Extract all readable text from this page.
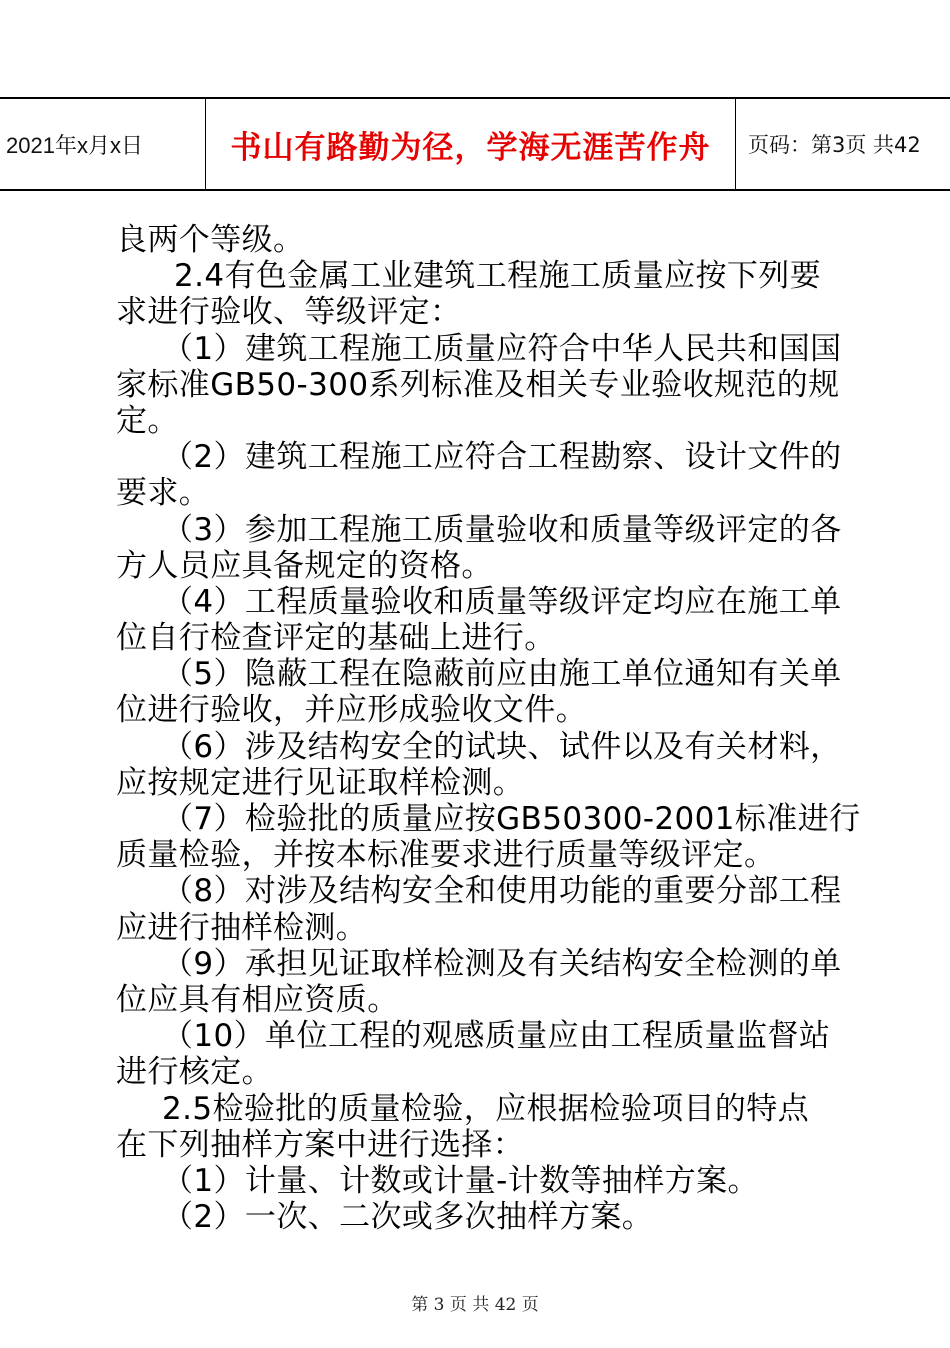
2021年x月x日	书山有路勤为径，学海无涯苦作舟	页码：第3页 共42
良两个等级。
2.4有色金属工业建筑工程施工质量应按下列要
求进行验收、等级评定：
（1）建筑工程施工质量应符合中华人民共和国国
家标准GB50-300系列标准及相关专业验收规范的规
定。
（2）建筑工程施工应符合工程勘察、设计文件的
要求。
（3）参加工程施工质量验收和质量等级评定的各
方人员应具备规定的资格。
（4）工程质量验收和质量等级评定均应在施工单
位自行检查评定的基础上进行。
（5）隐蔽工程在隐蔽前应由施工单位通知有关单
位进行验收，并应形成验收文件。
（6）涉及结构安全的试块、试件以及有关材料，
应按规定进行见证取样检测。
（7）检验批的质量应按GB50300-2001标准进行
质量检验，并按本标准要求进行质量等级评定。
（8）对涉及结构安全和使用功能的重要分部工程
应进行抽样检测。
（9）承担见证取样检测及有关结构安全检测的单
位应具有相应资质。
（10）单位工程的观感质量应由工程质量监督站
进行核定。
2.5检验批的质量检验，应根据检验项目的特点
在下列抽样方案中进行选择：
（1）计量、计数或计量-计数等抽样方案。
（2）一次、二次或多次抽样方案。
第 3 页 共 42 页
